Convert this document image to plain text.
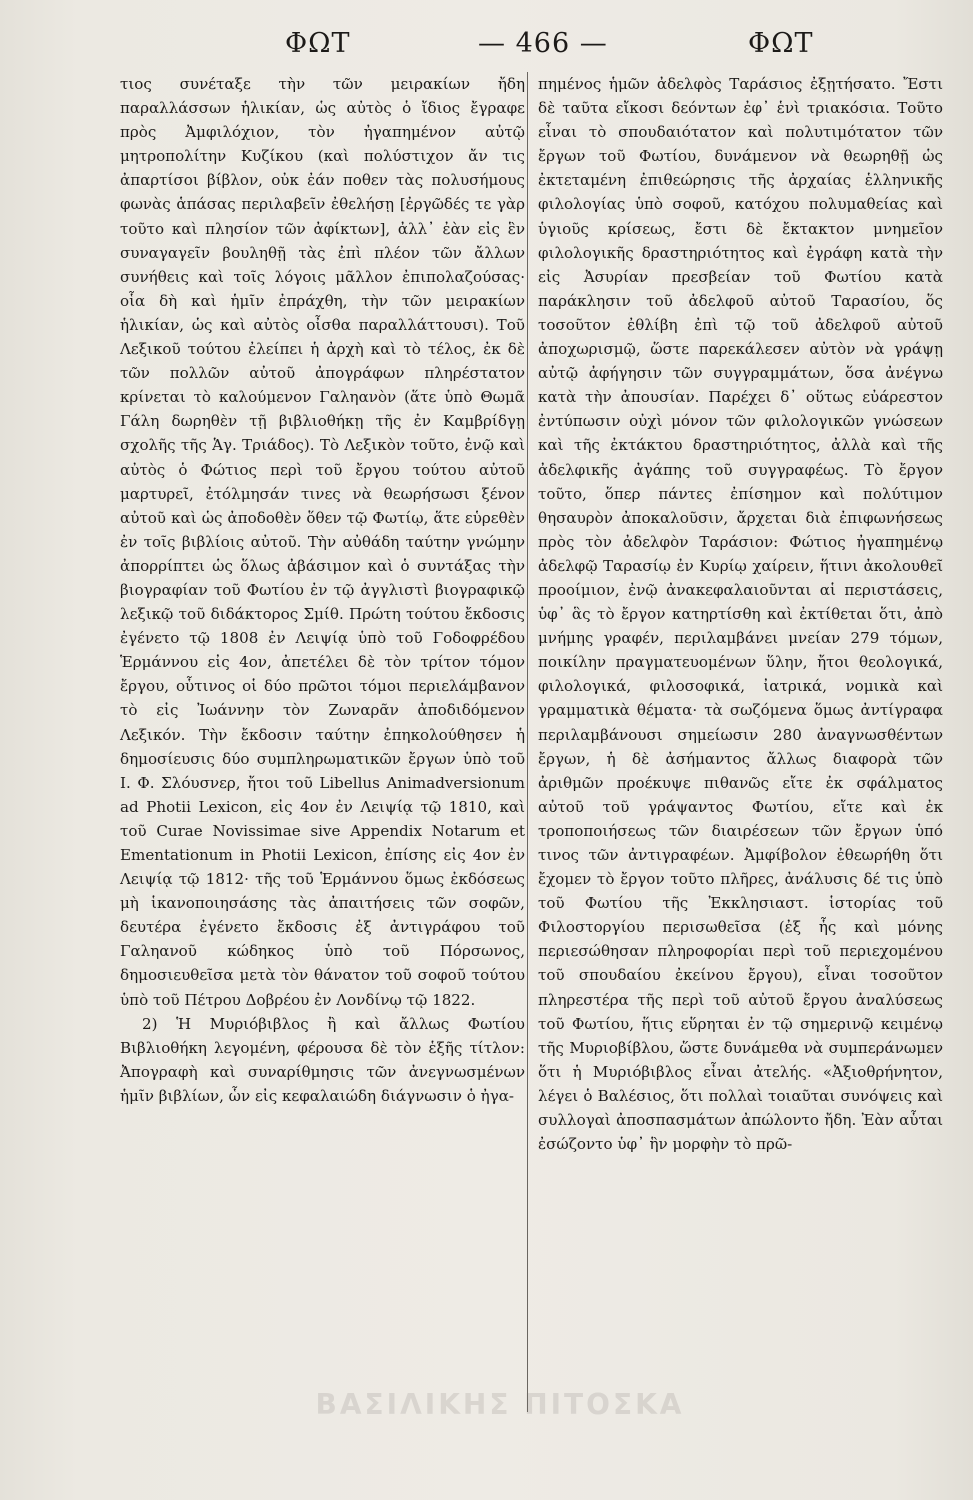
ΦΩΤ	— 466 —	ΦΩΤ

τιος συνέταξε τὴν τῶν μειρακίων ἤδη παραλλάσσων ἡλικίαν, ὡς αὐτὸς ὁ ἴδιος ἔγραφε πρὸς Ἀμφιλόχιον, τὸν ἠγαπημένον αὐτῷ μητροπολίτην Κυζίκου (καὶ πολύστιχον ἄν τις ἀπαρτίσοι βίβλον, οὐκ ἐάν ποθεν τὰς πολυσήμους φωνὰς ἁπάσας περιλαβεῖν ἐθελήσῃ [ἐργῶδές τε γὰρ τοῦτο καὶ πλησίον τῶν ἀφίκτων], ἀλλ᾽ ἐὰν εἰς ἓν συναγαγεῖν βουληθῇ τὰς ἐπὶ πλέον τῶν ἄλλων συνήθεις καὶ τοῖς λόγοις μᾶλλον ἐπιπολαζούσας· οἷα δὴ καὶ ἡμῖν ἐπράχθη, τὴν τῶν μειρακίων ἡλικίαν, ὡς καὶ αὐτὸς οἶσθα παραλλάττουσι). Τοῦ Λεξικοῦ τούτου ἐλείπει ἡ ἀρχὴ καὶ τὸ τέλος, ἐκ δὲ τῶν πολλῶν αὐτοῦ ἀπογράφων πληρέστατον κρίνεται τὸ καλούμενον Γαληανὸν (ἅτε ὑπὸ Θωμᾶ Γάλη δωρηθὲν τῇ βιβλιοθήκῃ τῆς ἐν Καμβρίδγῃ σχολῆς τῆς Ἁγ. Τριάδος). Τὸ Λεξικὸν τοῦτο, ἐνῷ καὶ αὐτὸς ὁ Φώτιος περὶ τοῦ ἔργου τούτου αὐτοῦ μαρτυρεῖ, ἐτόλμησάν τινες νὰ θεωρήσωσι ξένον αὐτοῦ καὶ ὡς ἀποδοθὲν ὅθεν τῷ Φωτίῳ, ἅτε εὑρεθὲν ἐν τοῖς βιβλίοις αὐτοῦ. Τὴν αὐθάδη ταύτην γνώμην ἀπορρίπτει ὡς ὅλως ἀβάσιμον καὶ ὁ συντάξας τὴν βιογραφίαν τοῦ Φωτίου ἐν τῷ ἀγγλιστὶ βιογραφικῷ λεξικῷ τοῦ διδάκτορος Σμίθ. Πρώτη τούτου ἔκδοσις ἐγένετο τῷ 1808 ἐν Λειψίᾳ ὑπὸ τοῦ Γοδοφρέδου Ἑρμάννου εἰς 4ον, ἀπετέλει δὲ τὸν τρίτον τόμον ἔργου, οὗτινος οἱ δύο πρῶτοι τόμοι περιελάμβανον τὸ εἰς Ἰωάννην τὸν Ζωναρᾶν ἀποδιδόμενον Λεξικόν. Τὴν ἔκδοσιν ταύτην ἐπηκολούθησεν ἡ δημοσίευσις δύο συμπληρωματικῶν ἔργων ὑπὸ τοῦ Ι. Φ. Σλόυσνερ, ἤτοι τοῦ Libellus Animadversionum ad Photii Lexicon, εἰς 4ον ἐν Λειψίᾳ τῷ 1810, καὶ τοῦ Curae Novissimae sive Appendix Notarum et Ementationum in Photii Lexicon, ἐπίσης εἰς 4ον ἐν Λειψίᾳ τῷ 1812· τῆς τοῦ Ἑρμάννου ὅμως ἐκδόσεως μὴ ἱκανοποιησάσης τὰς ἀπαιτήσεις τῶν σοφῶν, δευτέρα ἐγένετο ἔκδοσις ἐξ ἀντιγράφου τοῦ Γαληανοῦ κώδηκος ὑπὸ τοῦ Πόρσωνος, δημοσιευθεῖσα μετὰ τὸν θάνατον τοῦ σοφοῦ τούτου ὑπὸ τοῦ Πέτρου Δοβρέου ἐν Λονδίνῳ τῷ 1822.

2) Ἡ Μυριόβιβλος ἢ καὶ ἄλλως Φωτίου Βιβλιοθήκη λεγομένη, φέρουσα δὲ τὸν ἑξῆς τίτλον: Ἀπογραφὴ καὶ συναρίθμησις τῶν ἀνεγνωσμένων ἡμῖν βιβλίων, ὧν εἰς κεφαλαιώδη διάγνωσιν ὁ ἠγα-

πημένος ἡμῶν ἀδελφὸς Ταράσιος ἐξῃτήσατο. Ἔστι δὲ ταῦτα εἴκοσι δεόντων ἐφ᾽ ἑνὶ τριακόσια. Τοῦτο εἶναι τὸ σπουδαιότατον καὶ πολυτιμότατον τῶν ἔργων τοῦ Φωτίου, δυνάμενον νὰ θεωρηθῇ ὡς ἐκτεταμένη ἐπιθεώρησις τῆς ἀρχαίας ἑλληνικῆς φιλολογίας ὑπὸ σοφοῦ, κατόχου πολυμαθείας καὶ ὑγιοῦς κρίσεως, ἔστι δὲ ἔκτακτον μνημεῖον φιλολογικῆς δραστηριότητος καὶ ἐγράφη κατὰ τὴν εἰς Ἀσυρίαν πρεσβείαν τοῦ Φωτίου κατὰ παράκλησιν τοῦ ἀδελφοῦ αὐτοῦ Ταρασίου, ὅς τοσοῦτον ἐθλίβη ἐπὶ τῷ τοῦ ἀδελφοῦ αὐτοῦ ἀποχωρισμῷ, ὥστε παρεκάλεσεν αὐτὸν νὰ γράψῃ αὐτῷ ἀφήγησιν τῶν συγγραμμάτων, ὅσα ἀνέγνω κατὰ τὴν ἀπουσίαν. Παρέχει δ᾽ οὕτως εὐάρεστον ἐντύπωσιν οὐχὶ μόνον τῶν φιλολογικῶν γνώσεων καὶ τῆς ἐκτάκτου δραστηριότητος, ἀλλὰ καὶ τῆς ἀδελφικῆς ἀγάπης τοῦ συγγραφέως. Τὸ ἔργον τοῦτο, ὅπερ πάντες ἐπίσημον καὶ πολύτιμον θησαυρὸν ἀποκαλοῦσιν, ἄρχεται διὰ ἐπιφωνήσεως πρὸς τὸν ἀδελφὸν Ταράσιον: Φώτιος ἠγαπημένῳ ἀδελφῷ Ταρασίῳ ἐν Κυρίῳ χαίρειν, ἥτινι ἀκολουθεῖ προοίμιον, ἐνῷ ἀνακεφαλαιοῦνται αἱ περιστάσεις, ὑφ᾽ ἃς τὸ ἔργον κατηρτίσθη καὶ ἐκτίθεται ὅτι, ἀπὸ μνήμης γραφέν, περιλαμβάνει μνείαν 279 τόμων, ποικίλην πραγματευομένων ὕλην, ἤτοι θεολογικά, φιλολογικά, φιλοσοφικά, ἰατρικά, νομικὰ καὶ γραμματικὰ θέματα· τὰ σωζόμενα ὅμως ἀντίγραφα περιλαμβάνουσι σημείωσιν 280 ἀναγνωσθέντων ἔργων, ἡ δὲ ἀσήμαντος ἄλλως διαφορὰ τῶν ἀριθμῶν προέκυψε πιθανῶς εἴτε ἐκ σφάλματος αὐτοῦ τοῦ γράψαντος Φωτίου, εἴτε καὶ ἐκ τροποποιήσεως τῶν διαιρέσεων τῶν ἔργων ὑπό τινος τῶν ἀντιγραφέων. Ἀμφίβολον ἐθεωρήθη ὅτι ἔχομεν τὸ ἔργον τοῦτο πλῆρες, ἀνάλυσις δέ τις ὑπὸ τοῦ Φωτίου τῆς Ἐκκλησιαστ. ἱστορίας τοῦ Φιλοστοργίου περισωθεῖσα (ἐξ ἧς καὶ μόνης περιεσώθησαν πληροφορίαι περὶ τοῦ περιεχομένου τοῦ σπουδαίου ἐκείνου ἔργου), εἶναι τοσοῦτον πληρεστέρα τῆς περὶ τοῦ αὐτοῦ ἔργου ἀναλύσεως τοῦ Φωτίου, ἥτις εὕρηται ἐν τῷ σημερινῷ κειμένῳ τῆς Μυριοβίβλου, ὥστε δυνάμεθα νὰ συμπεράνωμεν ὅτι ἡ Μυριόβιβλος εἶναι ἀτελής. «Ἀξιοθρήνητον, λέγει ὁ Βαλέσιος, ὅτι πολλαὶ τοιαῦται συνόψεις καὶ συλλογαὶ ἀποσπασμάτων ἀπώλοντο ἤδη. Ἐὰν αὗται ἐσώζοντο ὑφ᾽ ἣν μορφὴν τὸ πρῶ-

ΒΑΣΙΛΙΚΗΣ ΠΙΤΟΣΚΑ
